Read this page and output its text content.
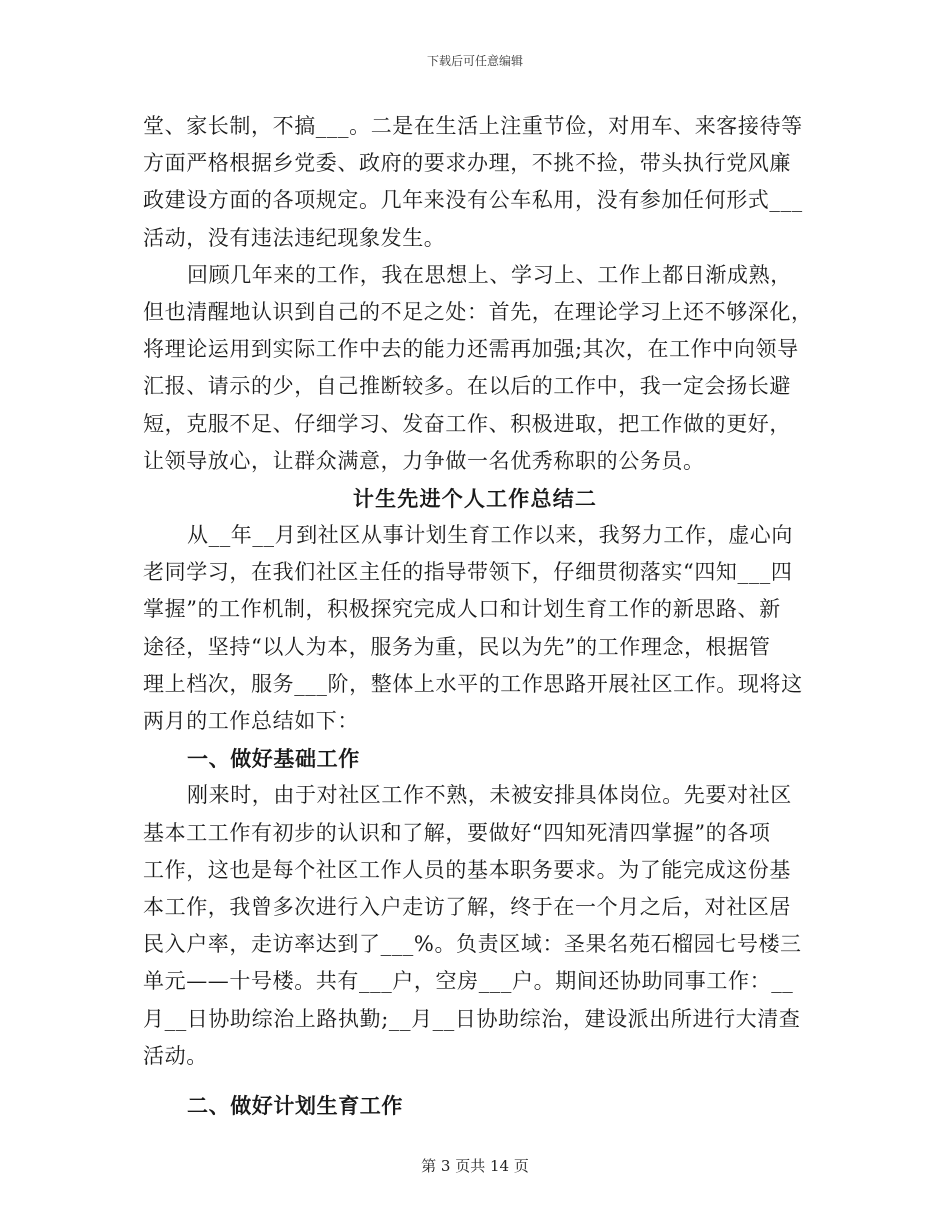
下载后可任意编辑
堂、家长制，不搞___。二是在生活上注重节俭，对用车、来客接待等
方面严格根据乡党委、政府的要求办理，不挑不捡，带头执行党风廉
政建设方面的各项规定。几年来没有公车私用，没有参加任何形式___
活动，没有违法违纪现象发生。
回顾几年来的工作，我在思想上、学习上、工作上都日渐成熟，
但也清醒地认识到自己的不足之处：首先，在理论学习上还不够深化，
将理论运用到实际工作中去的能力还需再加强;其次，在工作中向领导
汇报、请示的少，自己推断较多。在以后的工作中，我一定会扬长避
短，克服不足、仔细学习、发奋工作、积极进取，把工作做的更好，
让领导放心，让群众满意，力争做一名优秀称职的公务员。
计生先进个人工作总结二
从__年__月到社区从事计划生育工作以来，我努力工作，虚心向
老同学习，在我们社区主任的指导带领下，仔细贯彻落实“四知___四
掌握”的工作机制，积极探究完成人口和计划生育工作的新思路、新
途径，坚持“以人为本，服务为重，民以为先”的工作理念，根据管
理上档次，服务___阶，整体上水平的工作思路开展社区工作。现将这
两月的工作总结如下：
一、做好基础工作
刚来时，由于对社区工作不熟，未被安排具体岗位。先要对社区
基本工工作有初步的认识和了解，要做好“四知死清四掌握”的各项
工作，这也是每个社区工作人员的基本职务要求。为了能完成这份基
本工作，我曾多次进行入户走访了解，终于在一个月之后，对社区居
民入户率，走访率达到了___%。负责区域：圣果名苑石榴园七号楼三
单元——十号楼。共有___户，空房___户。期间还协助同事工作：__
月__日协助综治上路执勤;__月__日协助综治，建设派出所进行大清查
活动。
二、做好计划生育工作
第 3 页共 14 页
